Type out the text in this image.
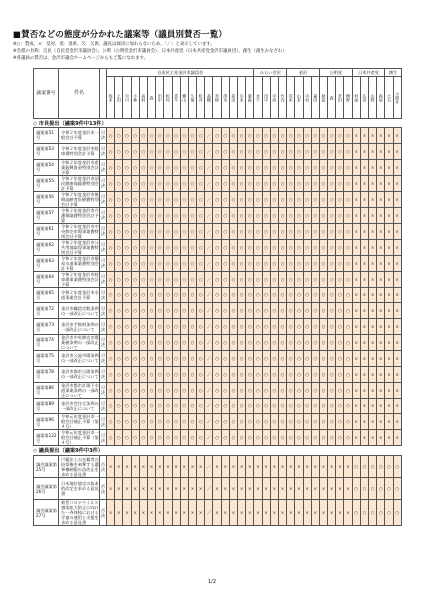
■賛否などの態度が分かれた議案等（議員別賛否一覧）
※○：賛成、×：反対、退：退席、欠：欠席、議長は採決に加わらないため、「／」と表示しています。
※会派の名称：自民（自民党金沢市議員会）、公明（公明党金沢市議員会）、日本共産党（日本共産党金沢市議員団）、創生（創生かなざわ）
※各議員の賛否は、金沢市議会ホームページからもご覧になれます。
議案番号	件名		自由民主党金沢市議員会																		みらい会沢				金沢				公明党				日本共産党				創生	

			坂本	上田	中川	小林	高村	森	田中	松村	喜多	横山	久保	松井	高橋	宮崎	清水	前田	川本	粟森	木下	田中	中西	竹内	荒木	山本	中村	福田	秋島	森	宮田	熊野	村池	広田	山野	森尾	大石	小間井
◇ 市長提出（議案9件中13件）
議案第51号	令和２年度金沢市一般会計予算	可決	○	○	○	○	○	○	○	○	○	○	○	○	／	○	○	○	○	○	○	○	○	○	○	○	○	○	○	○	○	○	×	×	×	×	×	×
議案第53号	令和２年度金沢市駐車場特別会計予算	可決	○	○	○	○	○	○	○	○	○	○	○	○	／	○	○	○	○	○	○	○	○	○	○	○	○	○	○	○	○	○	×	×	×	×	×	×
議案第54号	令和２年度金沢市産業振興資金特別会計予算	可決	○	○	○	○	○	○	○	○	○	○	○	○	／	○	○	○	○	○	○	○	○	○	○	○	○	○	○	○	○	○	×	×	×	×	×	×
議案第55号	令和２年度金沢市国民健康保険費特別会計予算	可決	○	○	○	○	○	○	○	○	○	○	○	○	／	○	○	○	○	○	○	○	○	○	○	○	○	○	○	○	○	○	×	×	×	×	×	×
議案第56号	令和２年度金沢市後期高齢者医療費特別会計予算	可決	○	○	○	○	○	○	○	○	○	○	○	○	／	○	○	○	○	○	○	○	○	○	○	○	○	○	○	○	○	○	×	×	×	×	×	×
議案第57号	令和２年度金沢市介護保険費特別会計予算	可決	○	○	○	○	○	○	○	○	○	○	○	○	／	○	○	○	○	○	○	○	○	○	○	○	○	○	○	○	○	○	×	×	×	×	×	×
議案第61号	令和２年度金沢市中央卸売市場事業費特別会計予算	可決	○	○	○	○	○	○	○	○	○	○	○	○	／	○	○	○	○	○	○	○	○	○	○	○	○	○	○	○	○	○	×	×	×	×	×	×
議案第62号	令和２年度金沢市公共用地取得事業費特別会計予算	可決	○	○	○	○	○	○	○	○	○	○	○	○	／	○	○	○	○	○	○	○	○	○	○	○	○	○	○	○	○	○	×	×	×	×	×	×
議案第63号	令和２年度金沢市簡易水道事業費特別会計予算	可決	○	○	○	○	○	○	○	○	○	○	○	○	／	○	○	○	○	○	○	○	○	○	○	○	○	○	○	○	○	○	×	×	×	×	×	×
議案第64号	令和２年度金沢市駐車場事業費特別会計予算	可決	○	○	○	○	○	○	○	○	○	○	○	○	／	○	○	○	○	○	○	○	○	○	○	○	○	○	○	○	○	○	×	×	×	×	×	×
議案第65号	令和２年度金沢市水道事業会計予算	可決	○	○	○	○	○	○	○	○	○	○	○	○	／	○	○	○	○	○	○	○	○	○	○	○	○	○	○	○	○	○	×	×	×	×	×	×
議案第72号	金沢市職員定数条例の一部改正について	可決	○	○	○	○	○	○	○	○	○	○	○	○	／	○	○	○	○	○	○	○	○	○	○	○	○	○	○	○	○	○	×	×	×	×	×	×
議案第73号	金沢市手数料条例の一部改正について	可決	○	○	○	○	○	○	○	○	○	○	○	○	／	○	○	○	○	○	○	○	○	○	○	○	○	○	○	○	○	○	×	×	×	×	×	×
議案第74号	金沢市中央卸売市場業務条例の一部改正について	可決	○	○	○	○	○	○	○	○	○	○	○	○	／	○	○	○	○	○	○	○	○	○	○	○	○	○	○	○	○	○	×	×	×	×	×	×
議案第75号	金沢市公設市場条例の一部改正について	可決	○	○	○	○	○	○	○	○	○	○	○	○	／	○	○	○	○	○	○	○	○	○	○	○	○	○	○	○	○	○	×	×	×	×	×	×
議案第78号	金沢市都市公園条例の一部改正について	可決	○	○	○	○	○	○	○	○	○	○	○	○	／	○	○	○	○	○	○	○	○	○	○	○	○	○	○	○	○	○	×	×	×	×	×	×
議案第86号	金沢市都市計画下水道事業条例の一部改正について	可決	○	○	○	○	○	○	○	○	○	○	○	○	／	○	○	○	○	○	○	○	○	○	○	○	○	○	○	○	○	○	×	×	×	×	×	×
議案第89号	金沢市営住宅条例の一部改正について	可決	○	○	○	○	○	○	○	○	○	○	○	○	／	○	○	○	○	○	○	○	○	○	○	○	○	○	○	○	○	○	×	×	×	×	×	×
議案第96号	令和元年度金沢市一般会計補正予算（第４号）	可決	○	○	○	○	○	○	○	○	○	○	○	○	／	○	○	○	○	○	○	○	○	○	○	○	○	○	○	○	○	○	×	×	×	×	×	×
議案第122号	令和元年度金沢市一般会計補正予算（第４号）	可決	○	○	○	○	○	○	○	○	○	○	○	○	／	○	○	○	○	○	○	○	○	○	○	○	○	○	○	○	○	○	×	×	×	×	×	×
◇ 議員提出（議案9件中3件）
議会議案第25号	戸籍法上の在籍者の投票権を剥奪する選挙権制限の法改正を求める意見書	否決	×	×	×	×	×	×	×	×	×	×	×	×	／	×	×	×	×	×	×	×	×	×	×	×	×	×	×	×	×	×	○	○	○	○	○	○
議会議案第26号	日米地位協定の抜本的改定を求める意見書	否決	×	×	×	×	×	×	×	×	×	×	×	×	／	×	×	×	×	×	×	×	×	×	×	×	×	×	×	×	×	×	○	○	○	○	○	○
議会議案第27号	新型コロナウイルス感染拡大防止に向けた一斉休校における学童の運用と支援を求める意見書	否決	×	×	×	×	×	×	×	×	×	×	×	×	／	×	×	×	×	×	×	×	×	×	×	×	×	×	×	×	×	×	○	○	○	○	○	○
1/2
